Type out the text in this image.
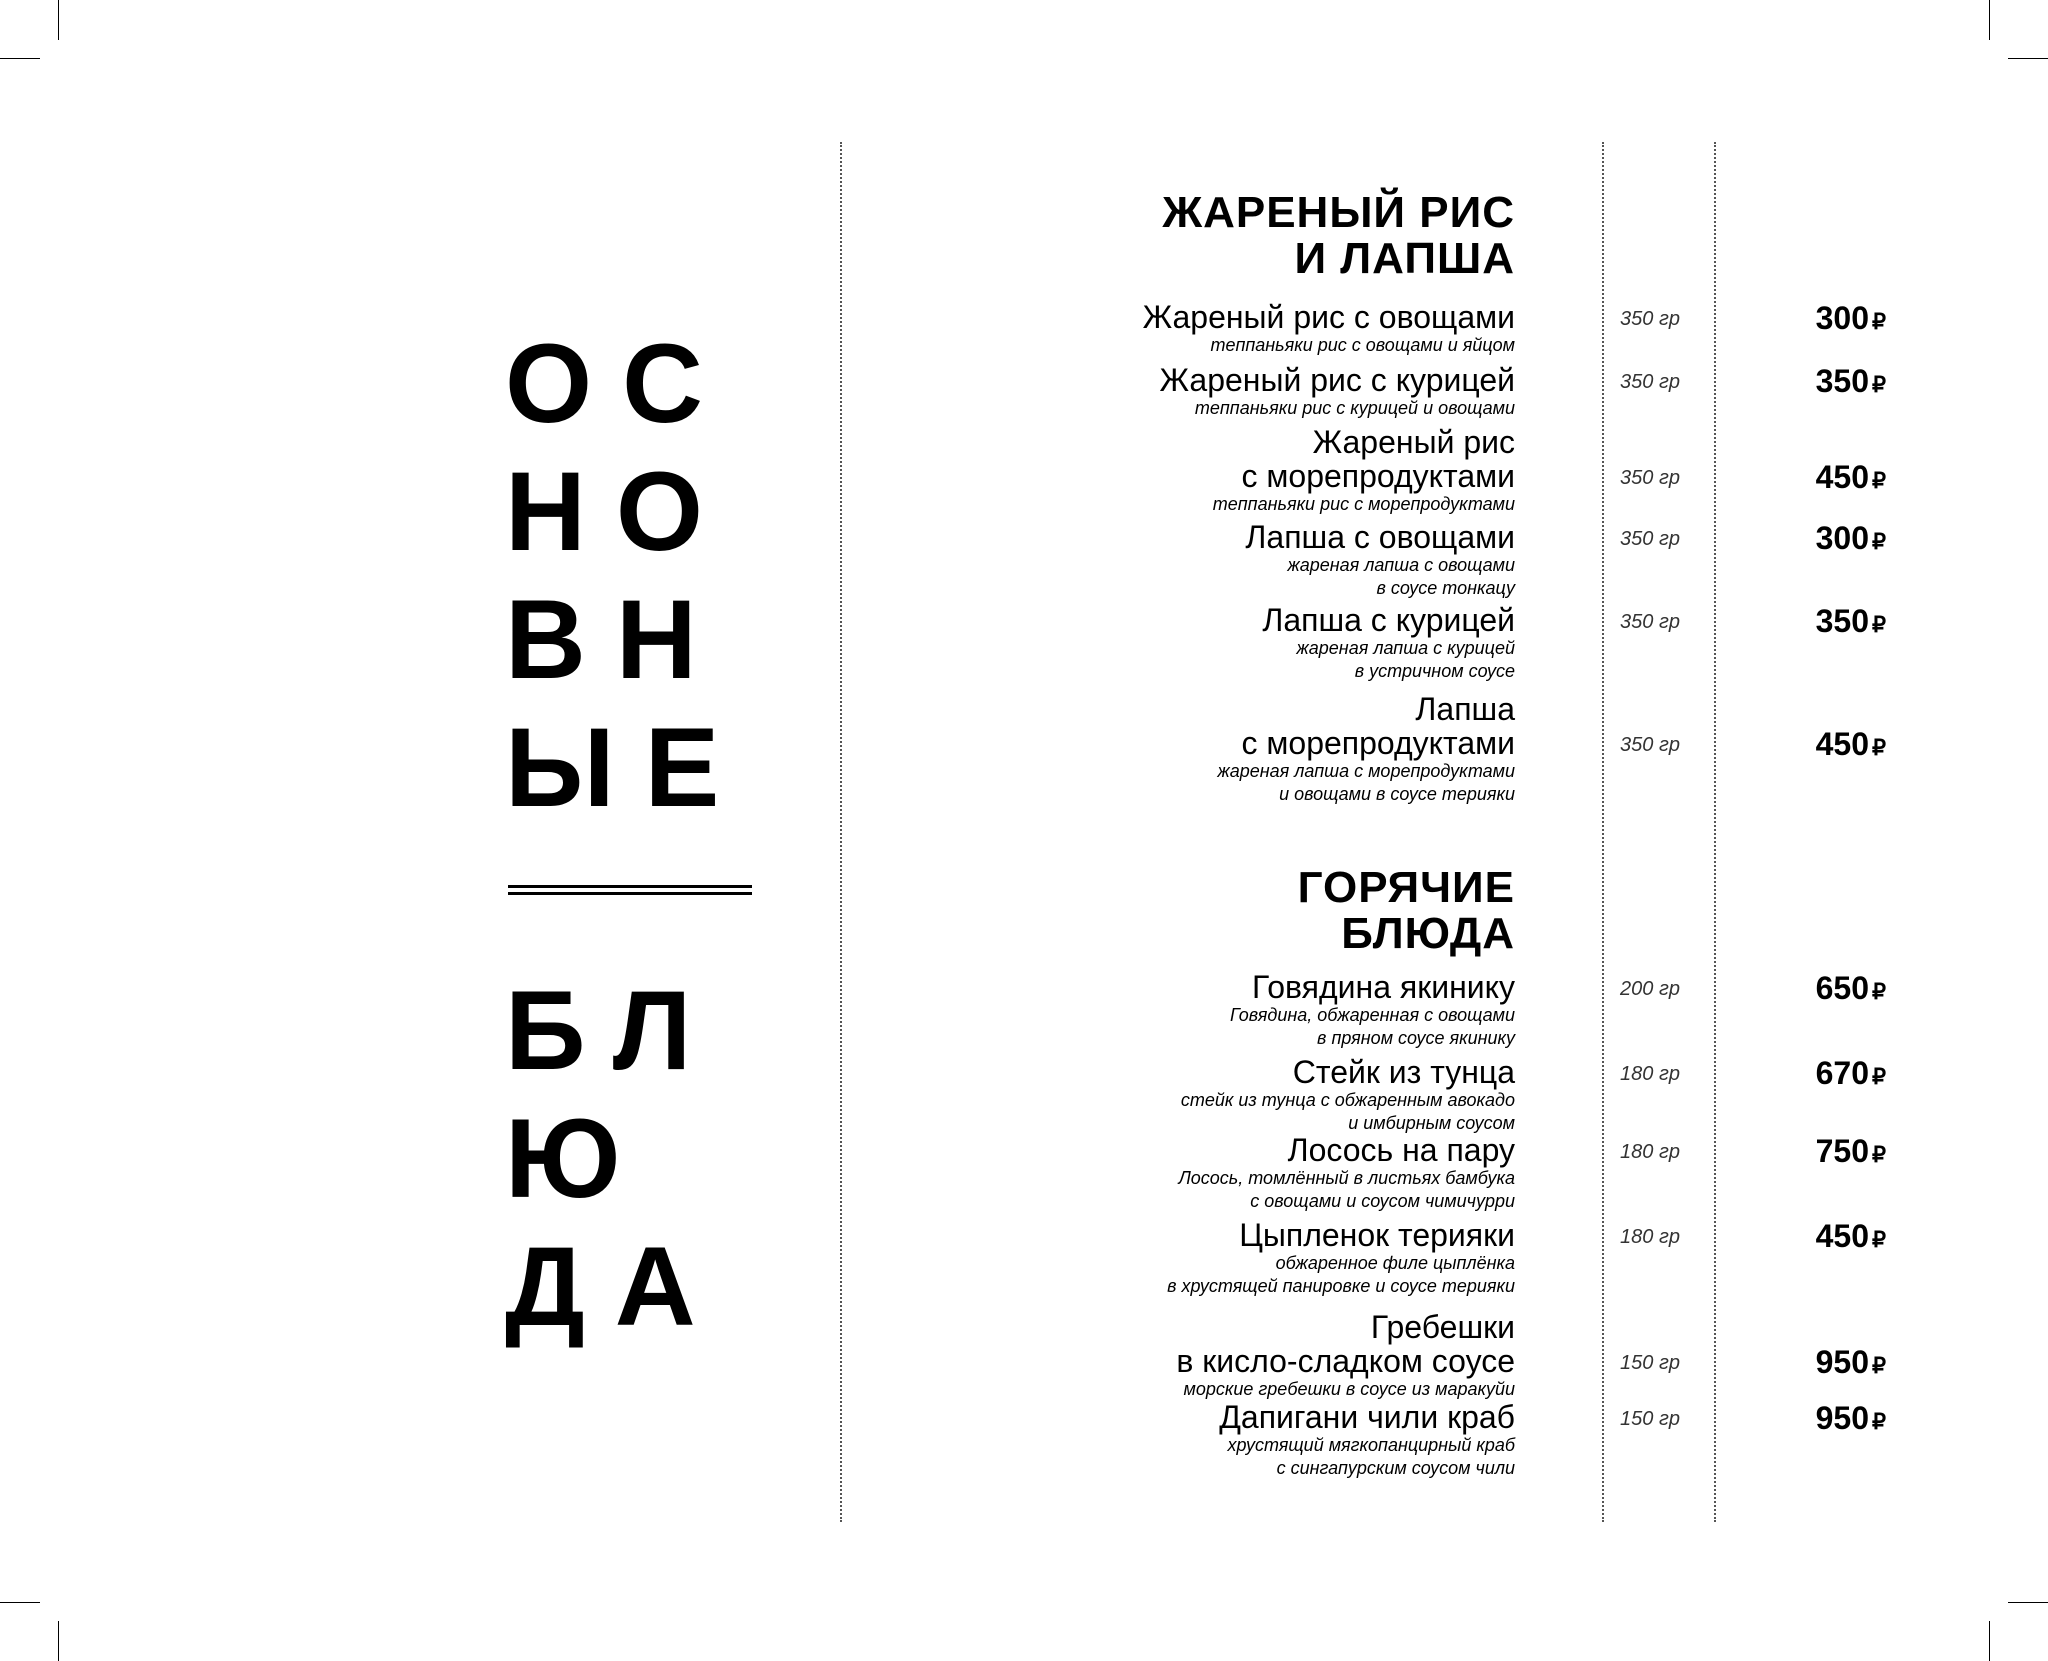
ОС
НО
ВН
ЫЕ
БЛ
Ю
ДА
ЖАРЕНЫЙ РИС
И ЛАПША
Жареный рис с овощами
теппаньяки рис с овощами и яйцом
350 гр	300 ₽
Жареный рис с курицей
теппаньяки рис с курицей и овощами
350 гр	350 ₽
Жареный рис
с морепродуктами
теппаньяки рис с морепродуктами
350 гр	450 ₽
Лапша с овощами
жареная лапша с овощами
в соусе тонкацу
350 гр	300 ₽
Лапша с курицей
жареная лапша с курицей
в устричном соусе
350 гр	350 ₽
Лапша
с морепродуктами
жареная лапша с морепродуктами
и овощами в соусе терияки
350 гр	450 ₽
ГОРЯЧИЕ
БЛЮДА
Говядина якинику
Говядина, обжаренная с овощами
в пряном соусе якинику
200 гр	650 ₽
Стейк из тунца
стейк из тунца с обжаренным авокадо
и имбирным соусом
180 гр	670 ₽
Лосось на пару
Лосось, томлённый в листьях бамбука
с овощами и соусом чимичурри
180 гр	750 ₽
Цыпленок терияки
обжаренное филе цыплёнка
в хрустящей панировке и соусе терияки
180 гр	450 ₽
Гребешки
в кисло-сладком соусе
морские гребешки в соусе из маракуйи
150 гр	950 ₽
Дапигани чили краб
хрустящий мягкопанцирный краб
с сингапурским соусом чили
150 гр	950 ₽
